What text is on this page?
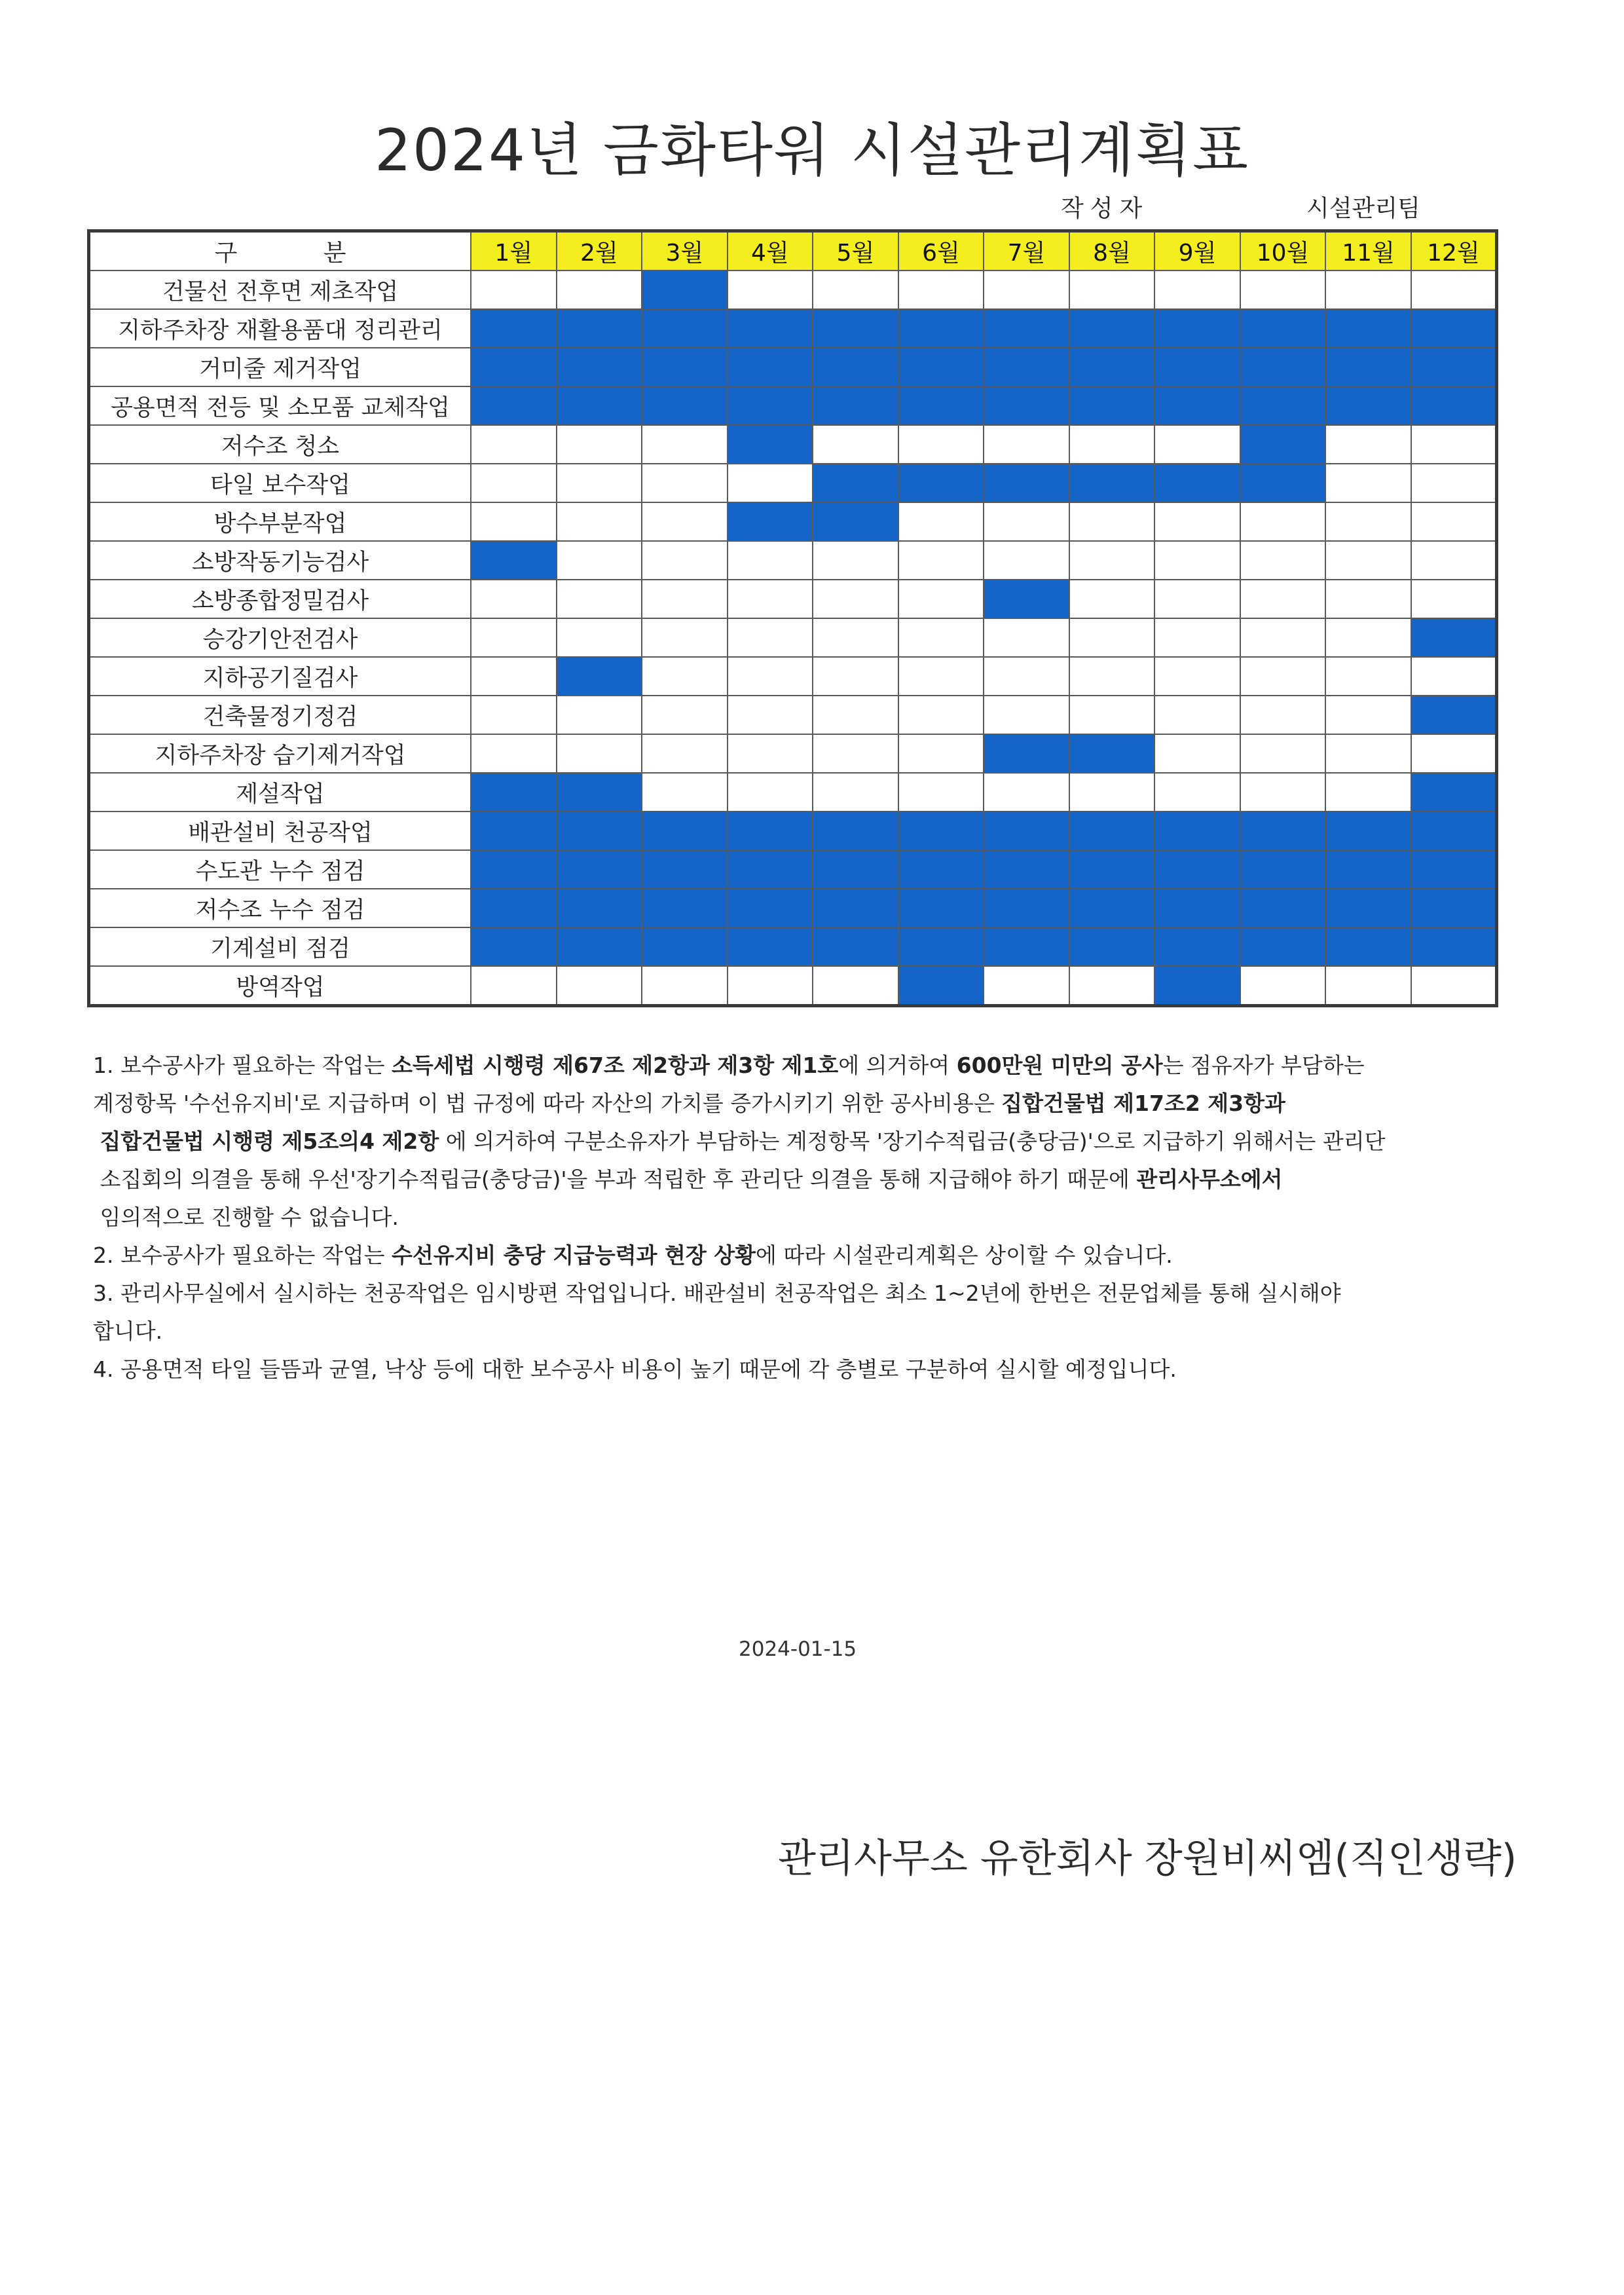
2024년 금화타워 시설관리계획표
작성자	시설관리팀
구 분	1월	2월	3월	4월	5월	6월	7월	8월	9월	10월	11월	12월
건물선 전후면 제초작업												
지하주차장 재활용품대 정리관리												
거미줄 제거작업												
공용면적 전등 및 소모품 교체작업												
저수조 청소												
타일 보수작업												
방수부분작업												
소방작동기능검사												
소방종합정밀검사												
승강기안전검사												
지하공기질검사												
건축물정기정검												
지하주차장 습기제거작업												
제설작업												
배관설비 천공작업												
수도관 누수 점검												
저수조 누수 점검												
기계설비 점검												
방역작업												

1. 보수공사가 필요하는 작업는 소득세법 시행령 제67조 제2항과 제3항 제1호에 의거하여 600만원 미만의 공사는 점유자가 부담하는
계정항목 '수선유지비'로 지급하며 이 법 규정에 따라 자산의 가치를 증가시키기 위한 공사비용은 집합건물법 제17조2 제3항과
집합건물법 시행령 제5조의4 제2항 에 의거하여 구분소유자가 부담하는 계정항목 '장기수적립금(충당금)'으로 지급하기 위해서는 관리단
소집회의 의결을 통해 우선'장기수적립금(충당금)'을 부과 적립한 후 관리단 의결을 통해 지급해야 하기 때문에 관리사무소에서
임의적으로 진행할 수 없습니다.

2. 보수공사가 필요하는 작업는 수선유지비 충당 지급능력과 현장 상황에 따라 시설관리계획은 상이할 수 있습니다.

3. 관리사무실에서 실시하는 천공작업은 임시방편 작업입니다. 배관설비 천공작업은 최소 1~2년에 한번은 전문업체를 통해 실시해야
합니다.

4. 공용면적 타일 들뜸과 균열, 낙상 등에 대한 보수공사 비용이 높기 때문에 각 층별로 구분하여 실시할 예정입니다.

2024-01-15
관리사무소 유한회사 장원비씨엠(직인생략)
